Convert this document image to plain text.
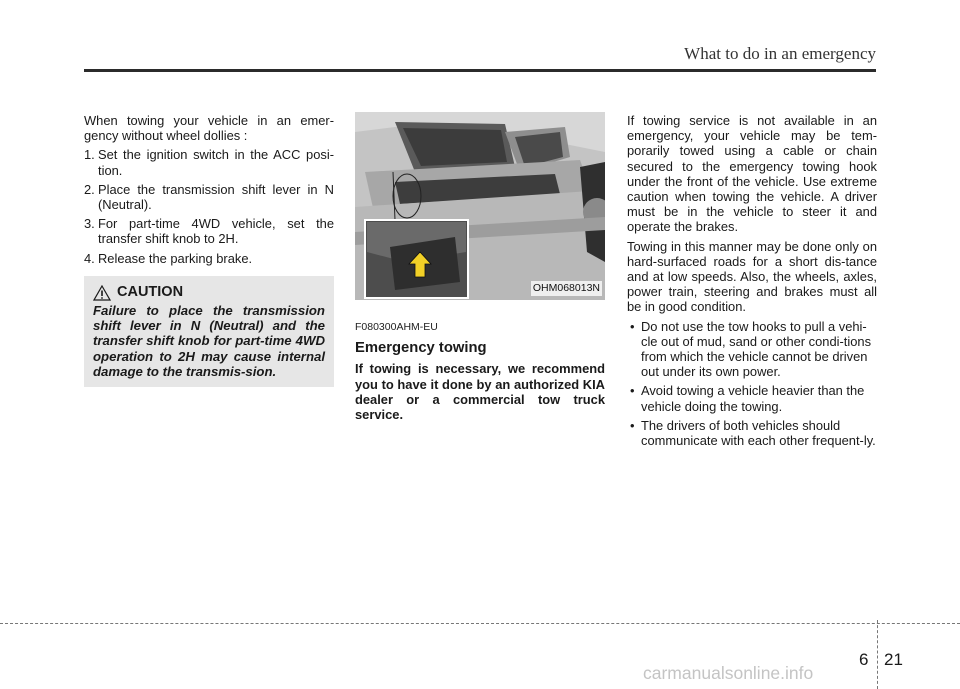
What to do in an emergency

When towing your vehicle in an emer-gency without wheel dollies :

1. Set the ignition switch in the ACC posi-tion.
2. Place the transmission shift lever in N (Neutral).
3. For part-time 4WD vehicle, set the transfer shift knob to 2H.
4. Release the parking brake.
CAUTION
Failure to place the transmission shift lever in N (Neutral) and the transfer shift knob for part-time 4WD operation to 2H may cause internal damage to the transmis-sion.
OHM068013N
F080300AHM-EU
Emergency towing

If towing is necessary, we recommend you to have it done by an authorized KIA dealer or a commercial tow truck service.

If towing service is not available in an emergency, your vehicle may be tem-porarily towed using a cable or chain secured to the emergency towing hook under the front of the vehicle. Use extreme caution when towing the vehicle. A driver must be in the vehicle to steer it and operate the brakes.

Towing in this manner may be done only on hard-surfaced roads for a short dis-tance and at low speeds. Also, the wheels, axles, power train, steering and brakes must all be in good condition.

• Do not use the tow hooks to pull a vehi-cle out of mud, sand or other condi-tions from which the vehicle cannot be driven out under its own power.
• Avoid towing a vehicle heavier than the vehicle doing the towing.
• The drivers of both vehicles should communicate with each other frequent-ly.
6 21
carmanualsonline.info
